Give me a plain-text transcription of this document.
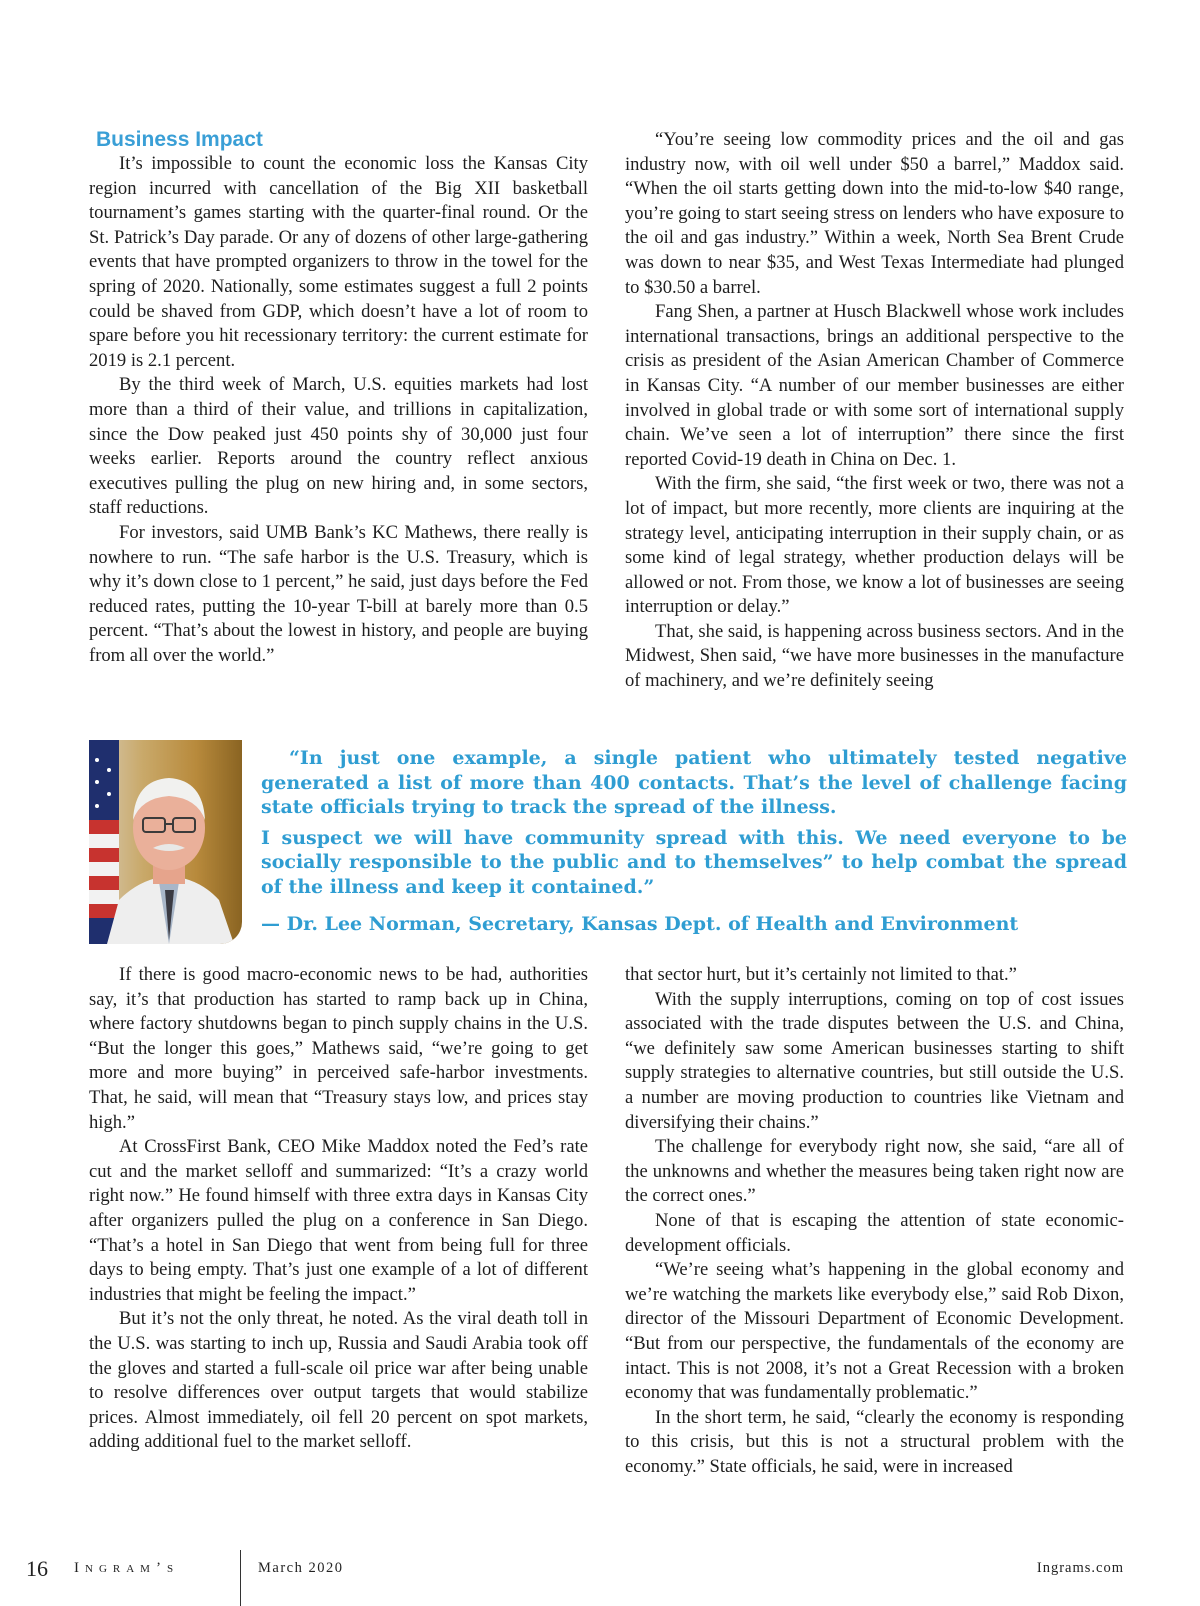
Business Impact

It’s impossible to count the economic loss the Kansas City region incurred with cancellation of the Big XII basketball tournament’s games starting with the quarter-final round. Or the St. Patrick’s Day parade. Or any of dozens of other large-gathering events that have prompted organizers to throw in the towel for the spring of 2020. Nationally, some estimates suggest a full 2 points could be shaved from GDP, which doesn’t have a lot of room to spare before you hit recessionary territory: the current estimate for 2019 is 2.1 percent.

By the third week of March, U.S. equities markets had lost more than a third of their value, and trillions in capitalization, since the Dow peaked just 450 points shy of 30,000 just four weeks earlier. Reports around the country reflect anxious executives pulling the plug on new hiring and, in some sectors, staff reductions.

For investors, said UMB Bank’s KC Mathews, there really is nowhere to run. “The safe harbor is the U.S. Treasury, which is why it’s down close to 1 percent,” he said, just days before the Fed reduced rates, putting the 10-year T-bill at barely more than 0.5 percent. “That’s about the lowest in history, and people are buying from all over the world.”

“You’re seeing low commodity prices and the oil and gas industry now, with oil well under $50 a barrel,” Maddox said. “When the oil starts getting down into the mid-to-low $40 range, you’re going to start seeing stress on lenders who have exposure to the oil and gas industry.” Within a week, North Sea Brent Crude was down to near $35, and West Texas Intermediate had plunged to $30.50 a barrel.

Fang Shen, a partner at Husch Blackwell whose work includes international transactions, brings an additional perspective to the crisis as president of the Asian American Chamber of Commerce in Kansas City. “A number of our member businesses are either involved in global trade or with some sort of international supply chain. We’ve seen a lot of interruption” there since the first reported Covid-19 death in China on Dec. 1.

With the firm, she said, “the first week or two, there was not a lot of impact, but more recently, more clients are inquiring at the strategy level, anticipating interruption in their supply chain, or as some kind of legal strategy, whether production delays will be allowed or not. From those, we know a lot of businesses are seeing interruption or delay.”

That, she said, is happening across business sectors. And in the Midwest, Shen said, “we have more businesses in the manufacture of machinery, and we’re definitely seeing

“In just one example, a single patient who ultimately tested negative generated a list of more than 400 contacts. That’s the level of challenge facing state officials trying to track the spread of the illness.

I suspect we will have community spread with this. We need everyone to be socially responsible to the public and to themselves” to help combat the spread of the illness and keep it contained.”

— Dr. Lee Norman, Secretary, Kansas Dept. of Health and Environment

If there is good macro-economic news to be had, authorities say, it’s that production has started to ramp back up in China, where factory shutdowns began to pinch supply chains in the U.S. “But the longer this goes,” Mathews said, “we’re going to get more and more buying” in perceived safe-harbor investments. That, he said, will mean that “Treasury stays low, and prices stay high.”

At CrossFirst Bank, CEO Mike Maddox noted the Fed’s rate cut and the market selloff and summarized: “It’s a crazy world right now.” He found himself with three extra days in Kansas City after organizers pulled the plug on a conference in San Diego. “That’s a hotel in San Diego that went from being full for three days to being empty. That’s just one example of a lot of different industries that might be feeling the impact.”

But it’s not the only threat, he noted. As the viral death toll in the U.S. was starting to inch up, Russia and Saudi Arabia took off the gloves and started a full-scale oil price war after being unable to resolve differences over output targets that would stabilize prices. Almost immediately, oil fell 20 percent on spot markets, adding additional fuel to the market selloff.

that sector hurt, but it’s certainly not limited to that.”

With the supply interruptions, coming on top of cost issues associated with the trade disputes between the U.S. and China, “we definitely saw some American businesses starting to shift supply strategies to alternative countries, but still outside the U.S. a number are moving production to countries like Vietnam and diversifying their chains.”

The challenge for everybody right now, she said, “are all of the unknowns and whether the measures being taken right now are the correct ones.”

None of that is escaping the attention of state economic-development officials.

“We’re seeing what’s happening in the global economy and we’re watching the markets like everybody else,” said Rob Dixon, director of the Missouri Department of Economic Development. “But from our perspective, the fundamentals of the economy are intact. This is not 2008, it’s not a Great Recession with a broken economy that was fundamentally problematic.”

In the short term, he said, “clearly the economy is responding to this crisis, but this is not a structural problem with the economy.” State officials, he said, were in increased

16 Ingram’s	March 2020	Ingrams.com
